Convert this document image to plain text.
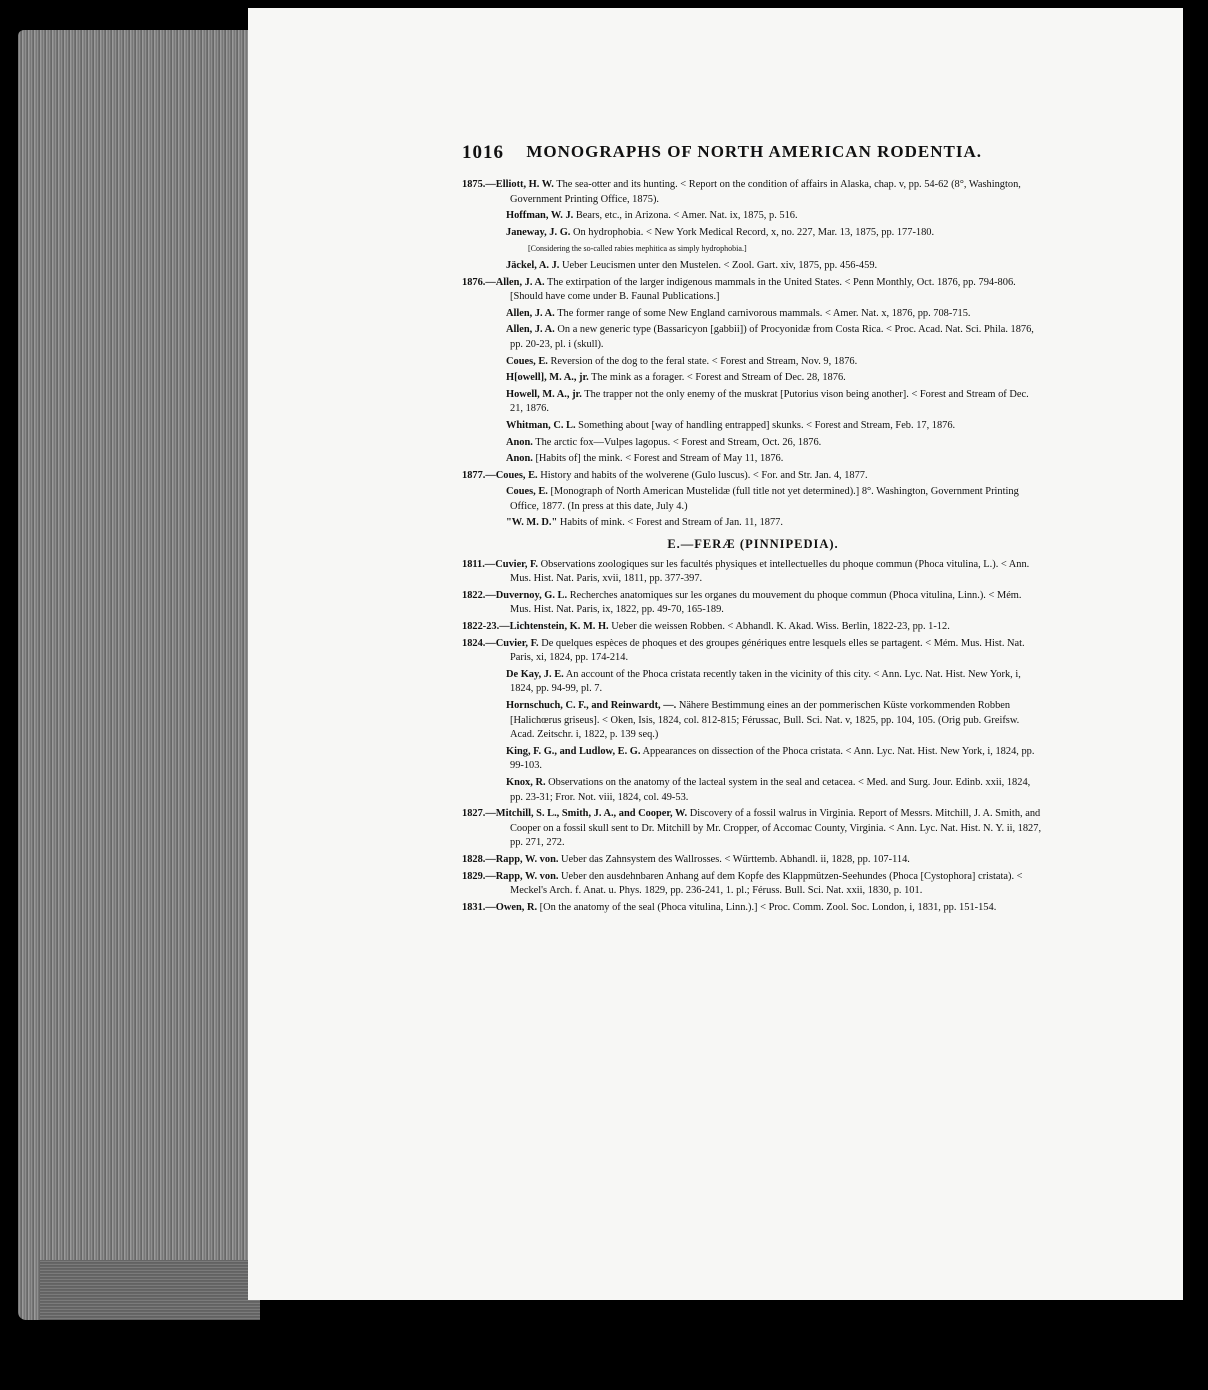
1016 MONOGRAPHS OF NORTH AMERICAN RODENTIA.

1875.—Elliott, H. W. The sea-otter and its hunting. < Report on the condition of affairs in Alaska, chap. v, pp. 54-62 (8°, Washington, Government Printing Office, 1875).

Hoffman, W. J. Bears, etc., in Arizona. < Amer. Nat. ix, 1875, p. 516.

Janeway, J. G. On hydrophobia. < New York Medical Record, x, no. 227, Mar. 13, 1875, pp. 177-180.

[Considering the so-called rabies mephitica as simply hydrophobia.]

Jäckel, A. J. Ueber Leucismen unter den Mustelen. < Zool. Gart. xiv, 1875, pp. 456-459.

1876.—Allen, J. A. The extirpation of the larger indigenous mammals in the United States. < Penn Monthly, Oct. 1876, pp. 794-806. [Should have come under B. Faunal Publications.]

Allen, J. A. The former range of some New England carnivorous mammals. < Amer. Nat. x, 1876, pp. 708-715.

Allen, J. A. On a new generic type (Bassaricyon [gabbii]) of Procyonidæ from Costa Rica. < Proc. Acad. Nat. Sci. Phila. 1876, pp. 20-23, pl. i (skull).

Coues, E. Reversion of the dog to the feral state. < Forest and Stream, Nov. 9, 1876.

H[owell], M. A., jr. The mink as a forager. < Forest and Stream of Dec. 28, 1876.

Howell, M. A., jr. The trapper not the only enemy of the muskrat [Putorius vison being another]. < Forest and Stream of Dec. 21, 1876.

Whitman, C. L. Something about [way of handling entrapped] skunks. < Forest and Stream, Feb. 17, 1876.

Anon. The arctic fox—Vulpes lagopus. < Forest and Stream, Oct. 26, 1876.

Anon. [Habits of] the mink. < Forest and Stream of May 11, 1876.

1877.—Coues, E. History and habits of the wolverene (Gulo luscus). < For. and Str. Jan. 4, 1877.

Coues, E. [Monograph of North American Mustelidæ (full title not yet determined).] 8°. Washington, Government Printing Office, 1877. (In press at this date, July 4.)

"W. M. D." Habits of mink. < Forest and Stream of Jan. 11, 1877.

E.—FERÆ (PINNIPEDIA).

1811.—Cuvier, F. Observations zoologiques sur les facultés physiques et intellectuelles du phoque commun (Phoca vitulina, L.). < Ann. Mus. Hist. Nat. Paris, xvii, 1811, pp. 377-397.

1822.—Duvernoy, G. L. Recherches anatomiques sur les organes du mouvement du phoque commun (Phoca vitulina, Linn.). < Mém. Mus. Hist. Nat. Paris, ix, 1822, pp. 49-70, 165-189.

1822-23.—Lichtenstein, K. M. H. Ueber die weissen Robben. < Abhandl. K. Akad. Wiss. Berlin, 1822-23, pp. 1-12.

1824.—Cuvier, F. De quelques espèces de phoques et des groupes génériques entre lesquels elles se partagent. < Mém. Mus. Hist. Nat. Paris, xi, 1824, pp. 174-214.

De Kay, J. E. An account of the Phoca cristata recently taken in the vicinity of this city. < Ann. Lyc. Nat. Hist. New York, i, 1824, pp. 94-99, pl. 7.

Hornschuch, C. F., and Reinwardt, —. Nähere Bestimmung eines an der pommerischen Küste vorkommenden Robben [Halichœrus griseus]. < Oken, Isis, 1824, col. 812-815; Férussac, Bull. Sci. Nat. v, 1825, pp. 104, 105. (Orig pub. Greifsw. Acad. Zeitschr. i, 1822, p. 139 seq.)

King, F. G., and Ludlow, E. G. Appearances on dissection of the Phoca cristata. < Ann. Lyc. Nat. Hist. New York, i, 1824, pp. 99-103.

Knox, R. Observations on the anatomy of the lacteal system in the seal and cetacea. < Med. and Surg. Jour. Edinb. xxii, 1824, pp. 23-31; Fror. Not. viii, 1824, col. 49-53.

1827.—Mitchill, S. L., Smith, J. A., and Cooper, W. Discovery of a fossil walrus in Virginia. Report of Messrs. Mitchill, J. A. Smith, and Cooper on a fossil skull sent to Dr. Mitchill by Mr. Cropper, of Accomac County, Virginia. < Ann. Lyc. Nat. Hist. N. Y. ii, 1827, pp. 271, 272.

1828.—Rapp, W. von. Ueber das Zahnsystem des Wallrosses. < Württemb. Abhandl. ii, 1828, pp. 107-114.

1829.—Rapp, W. von. Ueber den ausdehnbaren Anhang auf dem Kopfe des Klappmützen-Seehundes (Phoca [Cystophora] cristata). < Meckel's Arch. f. Anat. u. Phys. 1829, pp. 236-241, 1. pl.; Féruss. Bull. Sci. Nat. xxii, 1830, p. 101.

1831.—Owen, R. [On the anatomy of the seal (Phoca vitulina, Linn.).] < Proc. Comm. Zool. Soc. London, i, 1831, pp. 151-154.
